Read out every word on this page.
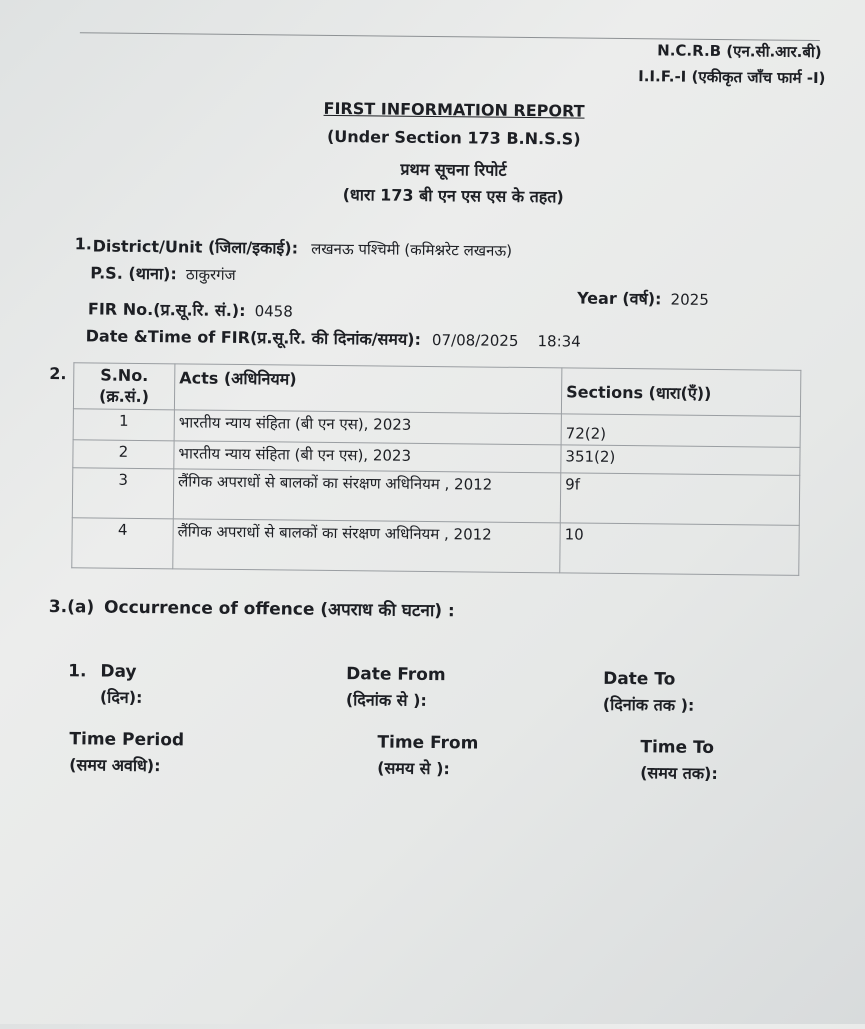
N.C.R.B (एन.सी.आर.बी)
I.I.F.-I (एकीकृत जाँच फार्म -I)
FIRST INFORMATION REPORT
(Under Section 173 B.N.S.S)
प्रथम सूचना रिपोर्ट
(धारा 173 बी एन एस एस के तहत)
1. District/Unit (जिला/इकाई): लखनऊ पश्चिमी (कमिश्नरेट लखनऊ)
P.S. (थाना): ठाकुरगंज
Year (वर्ष): 2025
FIR No.(प्र.सू.रि. सं.): 0458
Date &Time of FIR(प्र.सू.रि. की दिनांक/समय): 07/08/2025 18:34
2. S.No.
(क्र.सं.)	Acts (अधिनियम)	Sections (धारा(एँ))
1	भारतीय न्याय संहिता (बी एन एस), 2023	72(2)
2	भारतीय न्याय संहिता (बी एन एस), 2023	351(2)
3	लैंगिक अपराधों से बालकों का संरक्षण अधिनियम , 2012	9f
4	लैंगिक अपराधों से बालकों का संरक्षण अधिनियम , 2012	10
3.(a) Occurrence of offence (अपराध की घटना) :
1. Day
(दिन):
Date From
(दिनांक से ):
Date To
(दिनांक तक ):
Time Period
(समय अवधि):
Time From
(समय से ):
Time To
(समय तक):
